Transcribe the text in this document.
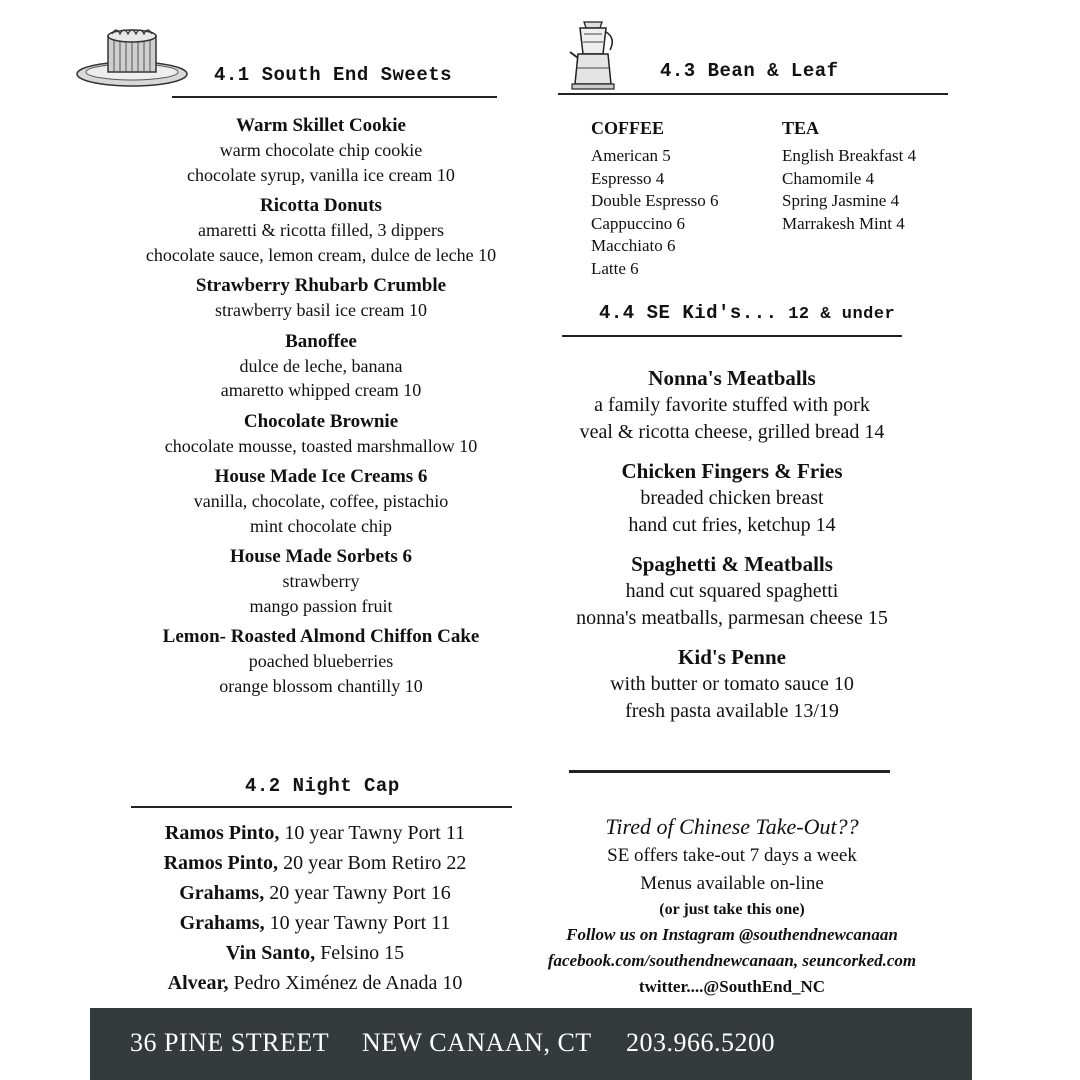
4.1 South End Sweets
Warm Skillet Cookie
warm chocolate chip cookie
chocolate syrup, vanilla ice cream 10
Ricotta Donuts
amaretti & ricotta filled, 3 dippers
chocolate sauce, lemon cream, dulce de leche 10
Strawberry Rhubarb Crumble
strawberry basil ice cream 10
Banoffee
dulce de leche, banana
amaretto whipped cream 10
Chocolate Brownie
chocolate mousse, toasted marshmallow 10
House Made Ice Creams 6
vanilla, chocolate, coffee, pistachio
mint chocolate chip
House Made Sorbets 6
strawberry
mango passion fruit
Lemon- Roasted Almond Chiffon Cake
poached blueberries
orange blossom chantilly 10
4.2 Night Cap
Ramos Pinto, 10 year Tawny Port 11
Ramos Pinto, 20 year Bom Retiro 22
Grahams, 20 year Tawny Port 16
Grahams, 10 year Tawny Port 11
Vin Santo, Felsino 15
Alvear, Pedro Ximénez de Anada 10
4.3 Bean & Leaf
COFFEE
American 5
Espresso 4
Double Espresso 6
Cappuccino 6
Macchiato 6
Latte 6
TEA
English Breakfast 4
Chamomile 4
Spring Jasmine 4
Marrakesh Mint 4
4.4 SE Kid's... 12 & under
Nonna's Meatballs
a family favorite stuffed with pork
veal & ricotta cheese, grilled bread 14
Chicken Fingers & Fries
breaded chicken breast
hand cut fries, ketchup 14
Spaghetti & Meatballs
hand cut squared spaghetti
nonna's meatballs, parmesan cheese 15
Kid's Penne
with butter or tomato sauce 10
fresh pasta available 13/19
Tired of Chinese Take-Out??
SE offers take-out 7 days a week
Menus available on-line
(or just take this one)
Follow us on Instagram @southendnewcanaan
facebook.com/southendnewcanaan, seuncorked.com
twitter....@SouthEnd_NC
36 PINE STREET NEW CANAAN, CT 203.966.5200
